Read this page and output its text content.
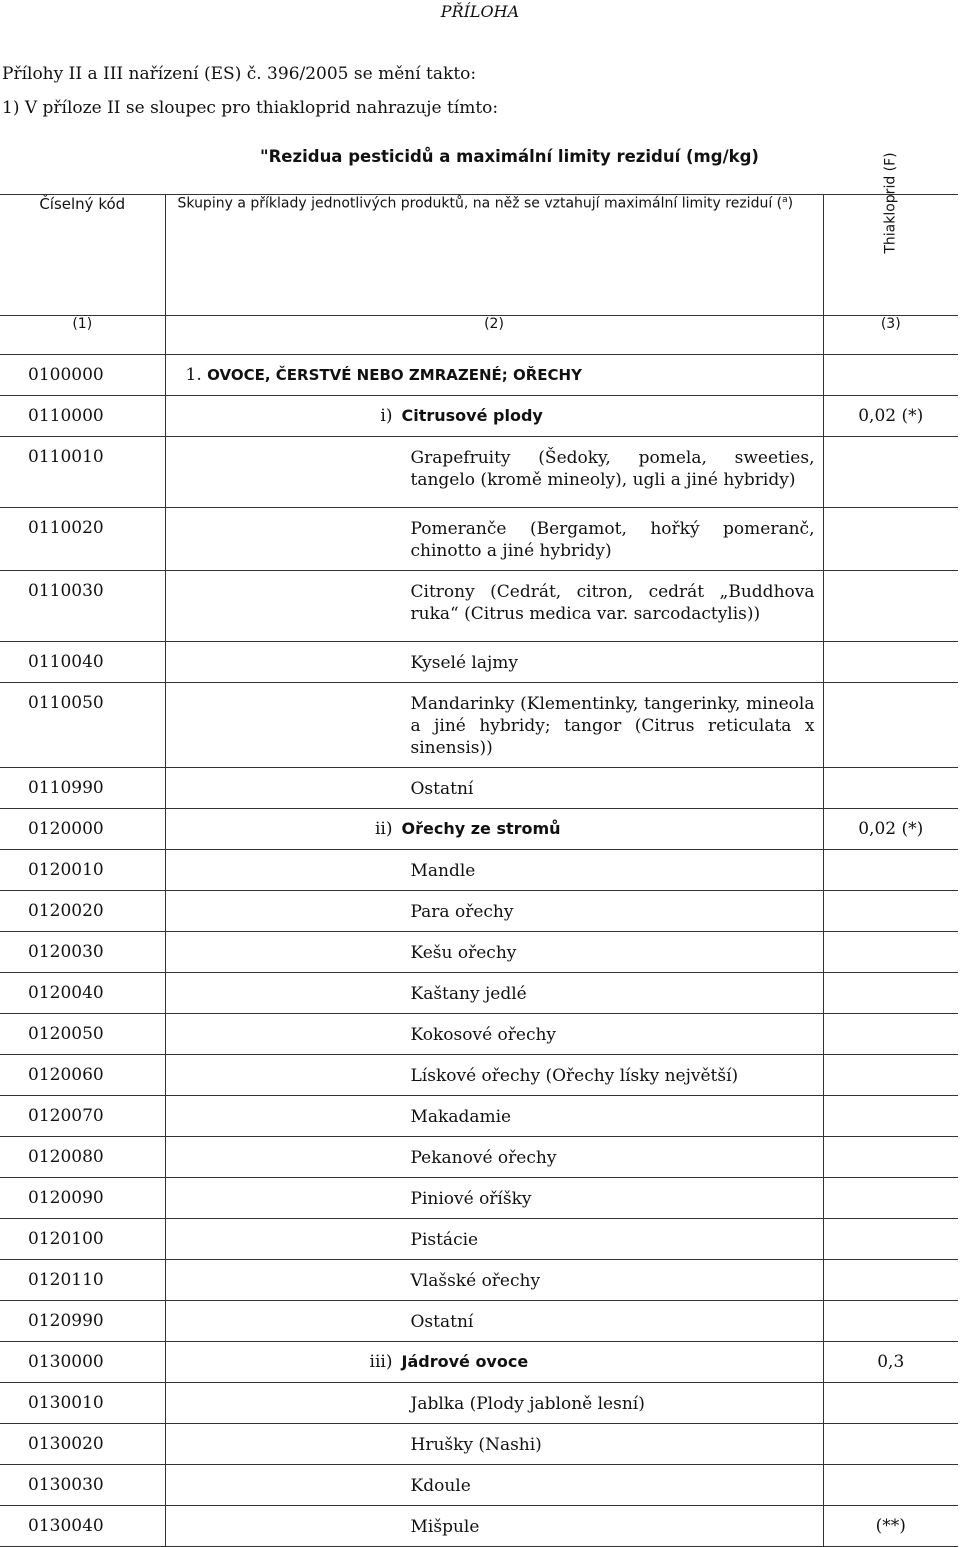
PŘÍLOHA
Přílohy II a III nařízení (ES) č. 396/2005 se mění takto:
1) V příloze II se sloupec pro thiakloprid nahrazuje tímto:
"Rezidua pesticidů a maximální limity reziduí (mg/kg)
Číselný kód	Skupiny a příklady jednotlivých produktů, na něž se vztahují maximální limity reziduí ($^a$)	Thiakloprid (F)
(1)	(2)	(3)
0100000	1. OVOCE, ČERSTVÉ NEBO ZMRAZENÉ; OŘECHY	
0110000	i) Citrusové plody	0,02 (*)
0110010	Grapefruity (Šedoky, pomela, sweeties, tangelo (kromě mineoly), ugli a jiné hybridy)	

0110020	Pomeranče (Bergamot, hořký pomeranč, chinotto a jiné hybridy)	

0110030	Citrony (Cedrát, citron, cedrát „Buddhova ruka“ (Citrus medica var. sarcodactylis))	

0110040	Kyselé lajmy	

0110050	Mandarinky (Klementinky, tangerinky, mineola a jiné hybridy; tangor (Citrus reticulata x sinensis))	

0110990	Ostatní	

0120000	ii) Ořechy ze stromů	0,02 (*)
0120010	Mandle	

0120020	Para ořechy	

0120030	Kešu ořechy	

0120040	Kaštany jedlé	

0120050	Kokosové ořechy	

0120060	Lískové ořechy (Ořechy lísky největší)	

0120070	Makadamie	

0120080	Pekanové ořechy	

0120090	Piniové oříšky	

0120100	Pistácie	

0120110	Vlašské ořechy	

0120990	Ostatní	

0130000	iii) Jádrové ovoce	0,3
0130010	Jablka (Plody jabloně lesní)	

0130020	Hrušky (Nashi)	

0130030	Kdoule	

0130040	Mišpule	(**)
